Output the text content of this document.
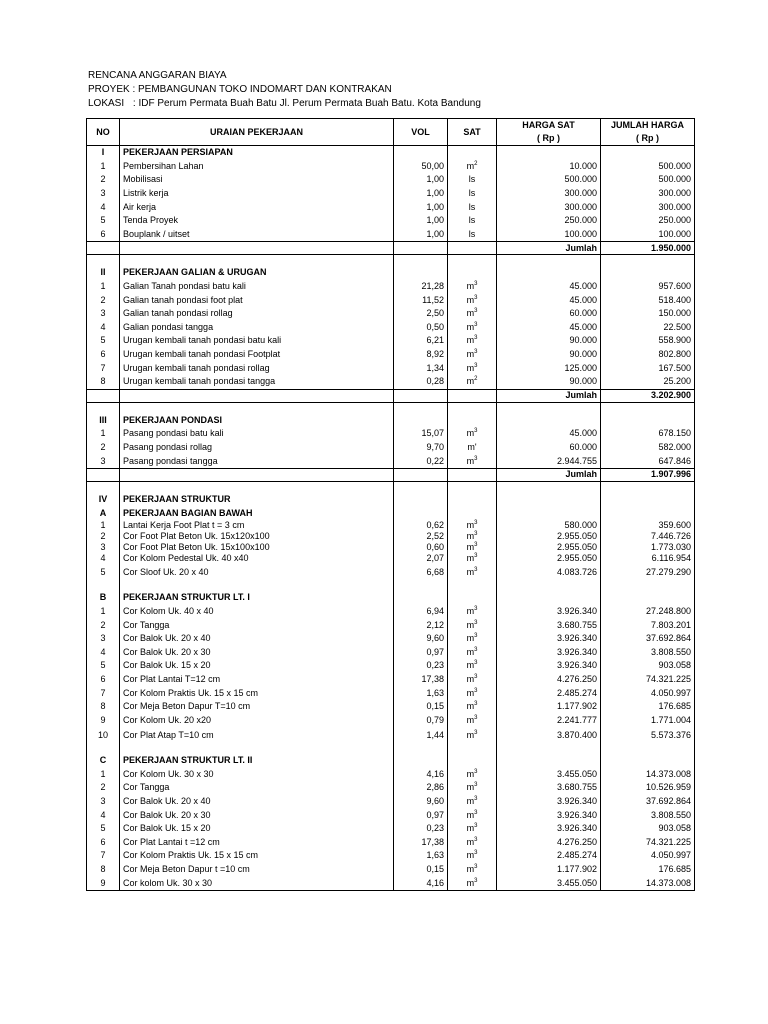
RENCANA ANGGARAN BIAYA
PROYEK : PEMBANGUNAN TOKO INDOMART DAN KONTRAKAN
LOKASI : IDF Perum Permata Buah Batu Jl. Perum Permata Buah Batu. Kota Bandung
NO	URAIAN PEKERJAAN	VOL	SAT	HARGA SAT	JUMLAH HARGA
				( Rp )	( Rp )
I	PEKERJAAN PERSIAPAN				
1	Pembersihan Lahan	50,00	$m^2$	10.000	500.000
2	Mobilisasi	1,00	ls	500.000	500.000
3	Listrik kerja	1,00	ls	300.000	300.000
4	Air kerja	1,00	ls	300.000	300.000
5	Tenda Proyek	1,00	ls	250.000	250.000
6	Bouplank / uitset	1,00	ls	100.000	100.000
				Jumlah	1.950.000

II	PEKERJAAN GALIAN & URUGAN				
1	Galian Tanah pondasi batu kali	21,28	$m^3$	45.000	957.600
2	Galian tanah pondasi foot plat	11,52	$m^3$	45.000	518.400
3	Galian tanah pondasi rollag	2,50	$m^3$	60.000	150.000
4	Galian pondasi tangga	0,50	$m^3$	45.000	22.500
5	Urugan kembali tanah pondasi batu kali	6,21	$m^3$	90.000	558.900
6	Urugan kembali tanah pondasi Footplat	8,92	$m^3$	90.000	802.800
7	Urugan kembali tanah pondasi rollag	1,34	$m^3$	125.000	167.500
8	Urugan kembali tanah pondasi tangga	0,28	$m^2$	90.000	25.200
				Jumlah	3.202.900

III	PEKERJAAN PONDASI				
1	Pasang pondasi batu kali	15,07	$m^3$	45.000	678.150
2	Pasang pondasi rollag	9,70	m'	60.000	582.000
3	Pasang pondasi tangga	0,22	$m^3$	2.944.755	647.846
				Jumlah	1.907.996

IV	PEKERJAAN STRUKTUR				
A	PEKERJAAN BAGIAN BAWAH				
1	Lantai Kerja Foot Plat t = 3 cm	0,62	$m^3$	580.000	359.600
2	Cor Foot Plat Beton Uk. 15x120x100	2,52	$m^3$	2.955.050	7.446.726
3	Cor Foot Plat Beton Uk. 15x100x100	0,60	$m^3$	2.955.050	1.773.030
4	Cor Kolom Pedestal Uk. 40 x40	2,07	$m^3$	2.955.050	6.116.954
5	Cor Sloof Uk. 20 x 40	6,68	$m^3$	4.083.726	27.279.290

B	PEKERJAAN STRUKTUR LT. I				
1	Cor Kolom Uk. 40 x 40	6,94	$m^3$	3.926.340	27.248.800
2	Cor Tangga	2,12	$m^3$	3.680.755	7.803.201
3	Cor Balok Uk. 20 x 40	9,60	$m^3$	3.926.340	37.692.864
4	Cor Balok Uk. 20 x 30	0,97	$m^3$	3.926.340	3.808.550
5	Cor Balok Uk. 15 x 20	0,23	$m^3$	3.926.340	903.058
6	Cor Plat Lantai T=12 cm	17,38	$m^3$	4.276.250	74.321.225
7	Cor Kolom Praktis Uk. 15 x 15 cm	1,63	$m^3$	2.485.274	4.050.997
8	Cor Meja Beton Dapur T=10 cm	0,15	$m^3$	1.177.902	176.685
9	Cor Kolom Uk. 20 x20	0,79	$m^3$	2.241.777	1.771.004
10	Cor Plat Atap T=10 cm	1,44	$m^3$	3.870.400	5.573.376

C	PEKERJAAN STRUKTUR LT. II				
1	Cor Kolom Uk. 30 x 30	4,16	$m^3$	3.455.050	14.373.008
2	Cor Tangga	2,86	$m^3$	3.680.755	10.526.959
3	Cor Balok Uk. 20 x 40	9,60	$m^3$	3.926.340	37.692.864
4	Cor Balok Uk. 20 x 30	0,97	$m^3$	3.926.340	3.808.550
5	Cor Balok Uk. 15 x 20	0,23	$m^3$	3.926.340	903.058
6	Cor Plat Lantai t =12 cm	17,38	$m^3$	4.276.250	74.321.225
7	Cor Kolom Praktis Uk. 15 x 15 cm	1,63	$m^3$	2.485.274	4.050.997
8	Cor Meja Beton Dapur t =10 cm	0,15	$m^3$	1.177.902	176.685
9	Cor kolom Uk. 30 x 30	4,16	$m^3$	3.455.050	14.373.008
